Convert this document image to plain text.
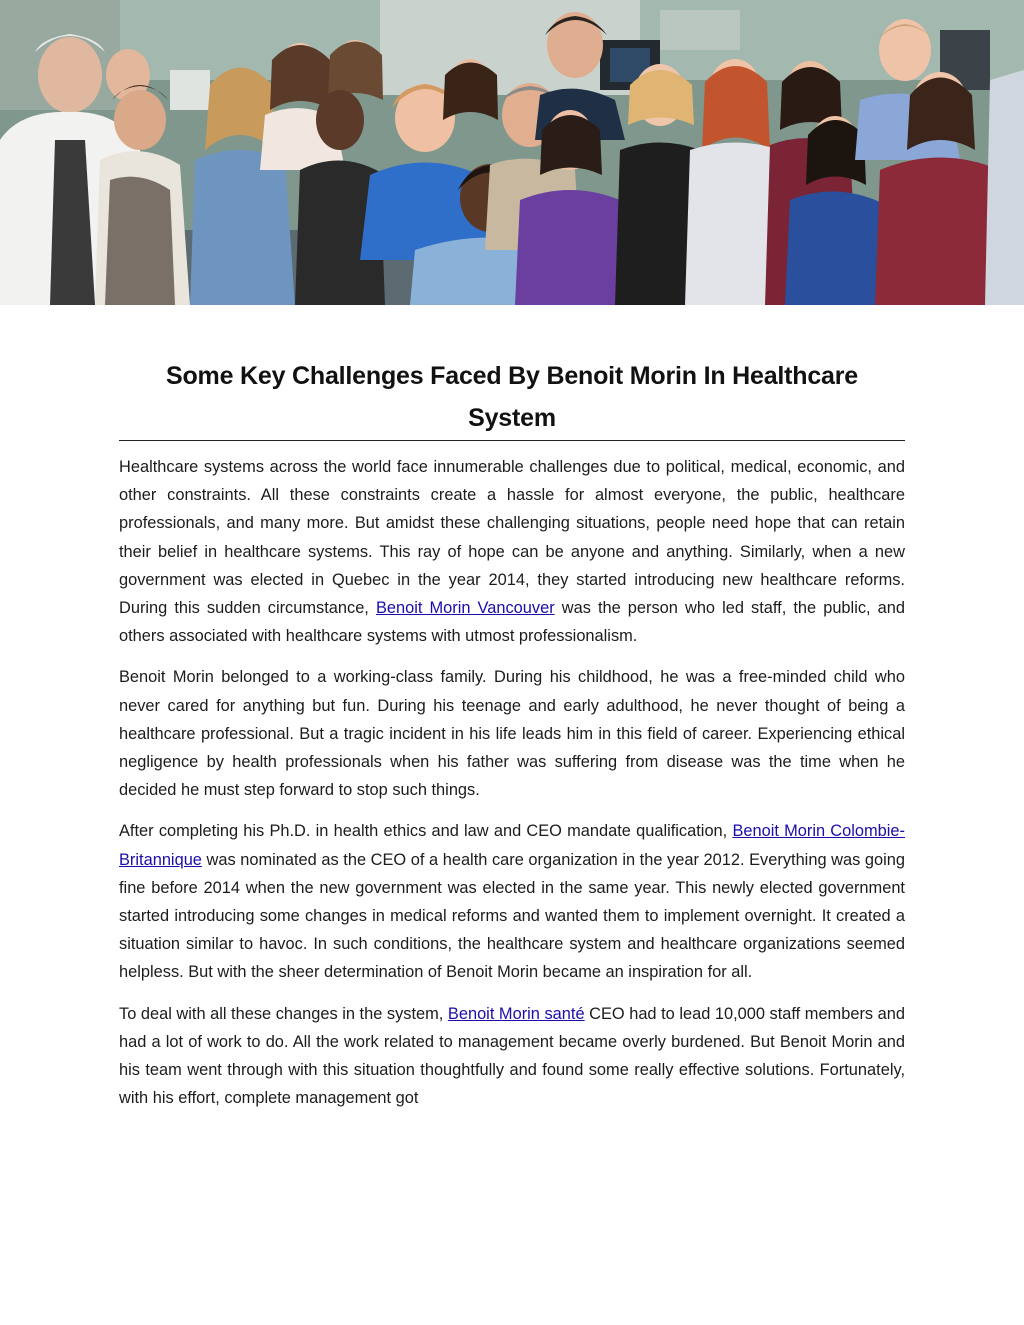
Some Key Challenges Faced By Benoit Morin In Healthcare System

Healthcare systems across the world face innumerable challenges due to political, medical, economic, and other constraints. All these constraints create a hassle for almost everyone, the public, healthcare professionals, and many more. But amidst these challenging situations, people need hope that can retain their belief in healthcare systems. This ray of hope can be anyone and anything. Similarly, when a new government was elected in Quebec in the year 2014, they started introducing new healthcare reforms. During this sudden circumstance, Benoit Morin Vancouver was the person who led staff, the public, and others associated with healthcare systems with utmost professionalism.

Benoit Morin belonged to a working-class family. During his childhood, he was a free-minded child who never cared for anything but fun. During his teenage and early adulthood, he never thought of being a healthcare professional. But a tragic incident in his life leads him in this field of career. Experiencing ethical negligence by health professionals when his father was suffering from disease was the time when he decided he must step forward to stop such things.

After completing his Ph.D. in health ethics and law and CEO mandate qualification, Benoit Morin Colombie-Britannique was nominated as the CEO of a health care organization in the year 2012. Everything was going fine before 2014 when the new government was elected in the same year. This newly elected government started introducing some changes in medical reforms and wanted them to implement overnight. It created a situation similar to havoc. In such conditions, the healthcare system and healthcare organizations seemed helpless. But with the sheer determination of Benoit Morin became an inspiration for all.

To deal with all these changes in the system, Benoit Morin santé CEO had to lead 10,000 staff members and had a lot of work to do. All the work related to management became overly burdened. But Benoit Morin and his team went through with this situation thoughtfully and found some really effective solutions. Fortunately, with his effort, complete management got
